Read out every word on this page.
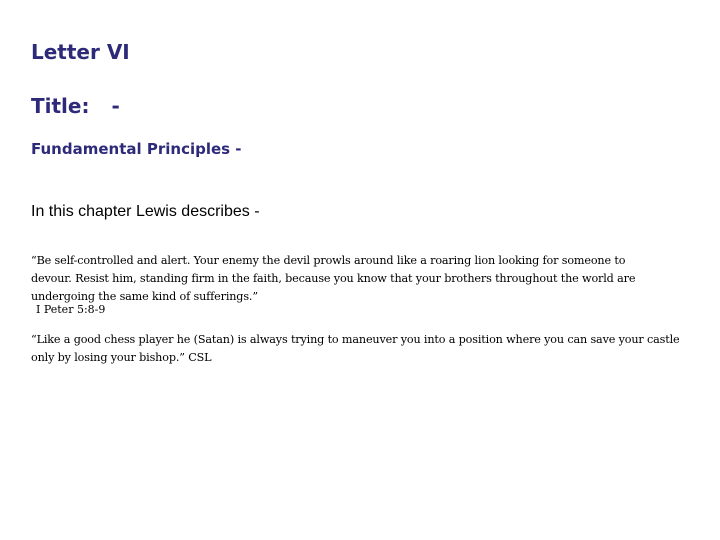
Letter VI
Title: -
Fundamental Principles -

In this chapter Lewis describes -

“Be self-controlled and alert. Your enemy the devil prowls around like a roaring lion looking for someone to
devour. Resist him, standing firm in the faith, because you know that your brothers throughout the world are
undergoing the same kind of sufferings.”

I Peter 5:8-9

“Like a good chess player he (Satan) is always trying to maneuver you into a position where you can save your castle
only by losing your bishop.” CSL
